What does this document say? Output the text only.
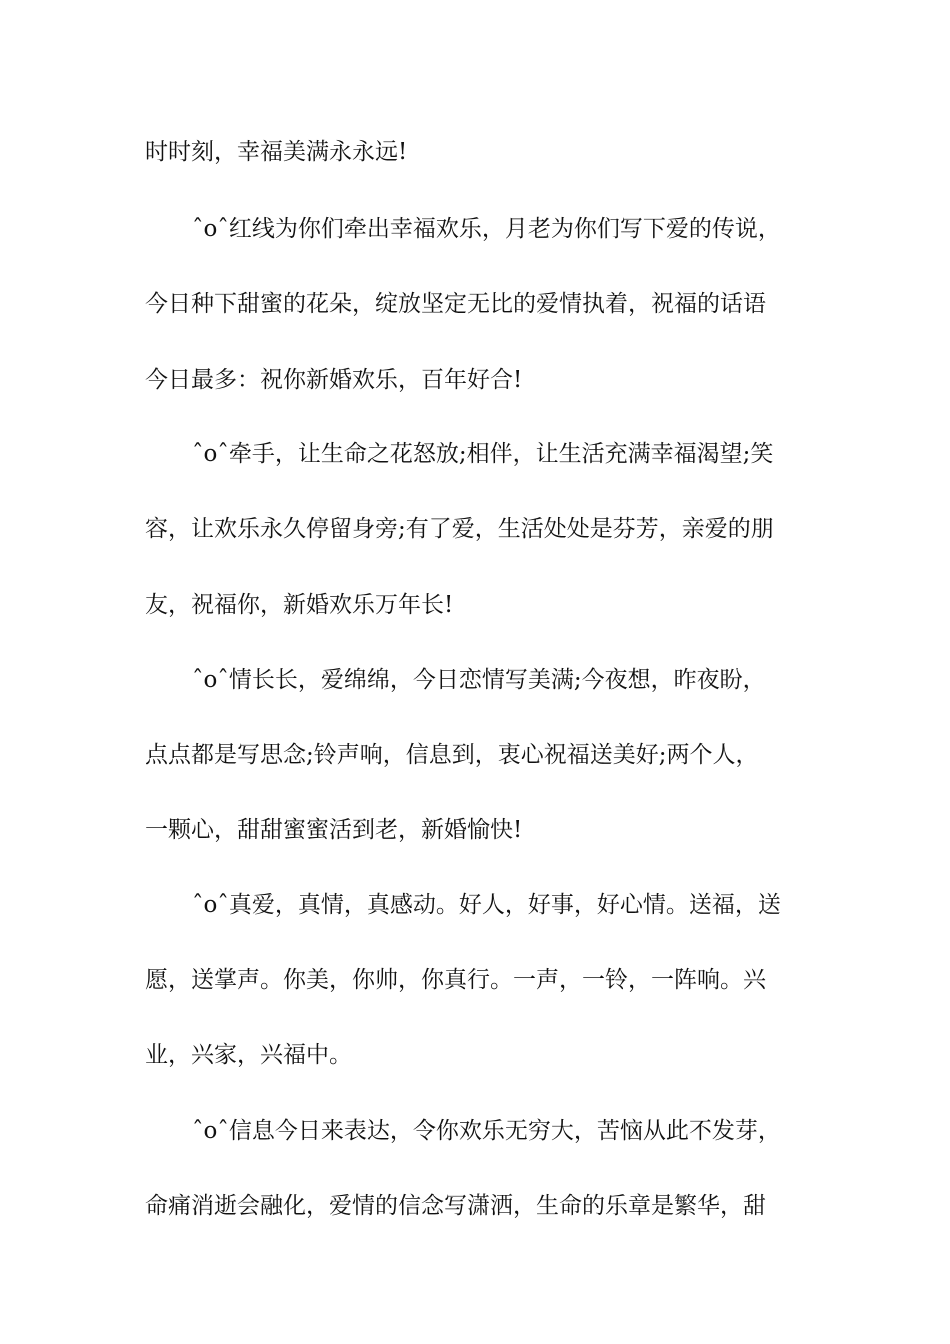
时时刻，幸福美满永永远!
ˆoˆ红线为你们牵出幸福欢乐，月老为你们写下爱的传说，
今日种下甜蜜的花朵，绽放坚定无比的爱情执着，祝福的话语
今日最多：祝你新婚欢乐，百年好合!
ˆoˆ牵手，让生命之花怒放;相伴，让生活充满幸福渴望;笑
容，让欢乐永久停留身旁;有了爱，生活处处是芬芳，亲爱的朋
友，祝福你，新婚欢乐万年长!
ˆoˆ情长长，爱绵绵，今日恋情写美满;今夜想，昨夜盼，
点点都是写思念;铃声响，信息到，衷心祝福送美好;两个人，
一颗心，甜甜蜜蜜活到老，新婚愉快!
ˆoˆ真爱，真情，真感动。好人，好事，好心情。送福，送
愿，送掌声。你美，你帅，你真行。一声，一铃，一阵响。兴
业，兴家，兴福中。
ˆoˆ信息今日来表达，令你欢乐无穷大，苦恼从此不发芽，
命痛消逝会融化，爱情的信念写潇洒，生命的乐章是繁华，甜
